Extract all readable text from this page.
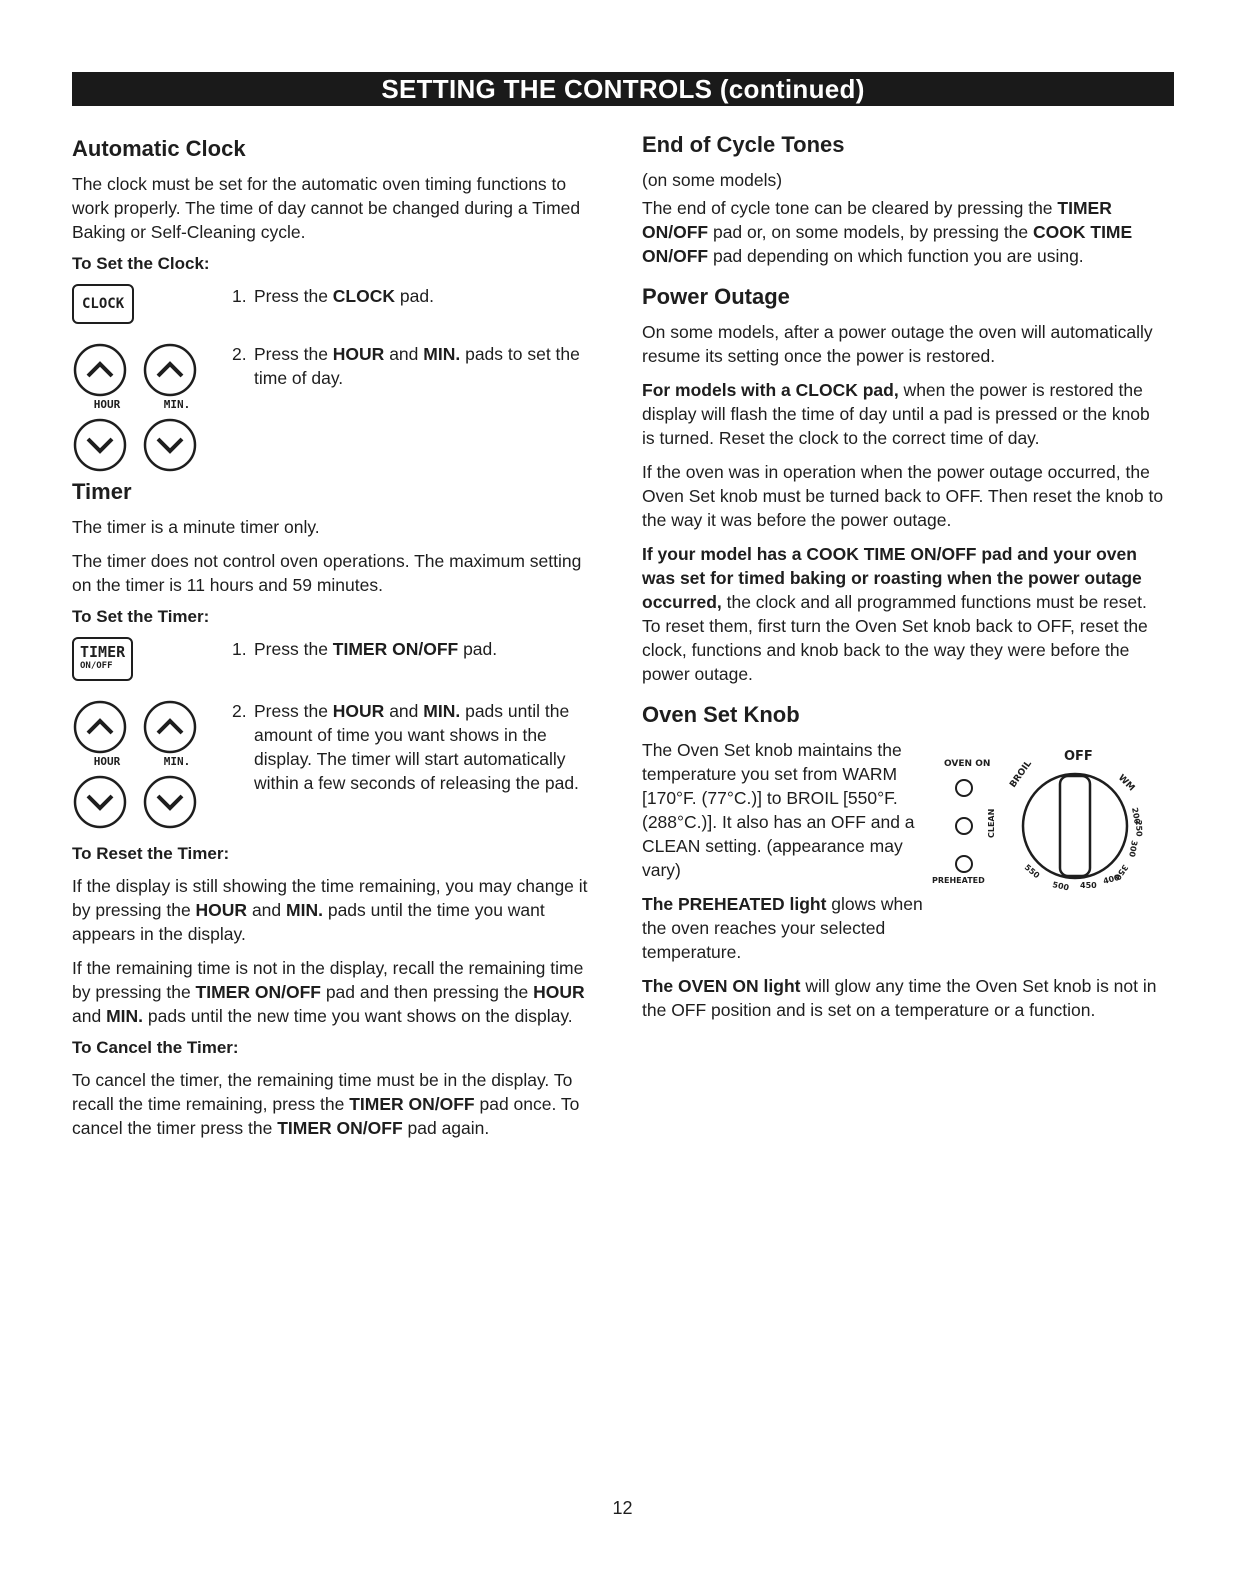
SETTING THE CONTROLS (continued)
Automatic Clock

The clock must be set for the automatic oven timing functions to work properly. The time of day cannot be changed during a Timed Baking or Self-Cleaning cycle.

To Set the Clock:
CLOCK	1. Press the CLOCK pad.
HOUR	MIN.
2. Press the HOUR and MIN. pads to set the time of day.
Timer

The timer is a minute timer only.

The timer does not control oven operations. The maximum setting on the timer is 11 hours and 59 minutes.

To Set the Timer:
TIMER
ON/OFF
1. Press the TIMER ON/OFF pad.
HOUR	MIN.
2. Press the HOUR and MIN. pads until the amount of time you want shows in the display. The timer will start automatically within a few seconds of releasing the pad.
To Reset the Timer:

If the display is still showing the time remaining, you may change it by pressing the HOUR and MIN. pads until the time you want appears in the display.

If the remaining time is not in the display, recall the remaining time by pressing the TIMER ON/OFF pad and then pressing the HOUR and MIN. pads until the new time you want shows on the display.

To Cancel the Timer:

To cancel the timer, the remaining time must be in the display. To recall the time remaining, press the TIMER ON/OFF pad once. To cancel the timer press the TIMER ON/OFF pad again.

End of Cycle Tones

(on some models)

The end of cycle tone can be cleared by pressing the TIMER ON/OFF pad or, on some models, by pressing the COOK TIME ON/OFF pad depending on which function you are using.

Power Outage

On some models, after a power outage the oven will automatically resume its setting once the power is restored.

For models with a CLOCK pad, when the power is restored the display will flash the time of day until a pad is pressed or the knob is turned. Reset the clock to the correct time of day.

If the oven was in operation when the power outage occurred, the Oven Set knob must be turned back to OFF. Then reset the knob to the way it was before the power outage.

If your model has a COOK TIME ON/OFF pad and your oven was set for timed baking or roasting when the power outage occurred, the clock and all programmed functions must be reset. To reset them, first turn the Oven Set knob back to OFF, reset the clock, functions and knob back to the way they were before the power outage.

Oven Set Knob

The Oven Set knob maintains the temperature you set from WARM [170°F. (77°C.)] to BROIL [550°F. (288°C.)]. It also has an OFF and a CLEAN setting. (appearance may vary)

The PREHEATED light glows when the oven reaches your selected temperature.

OVEN ON
PREHEATED
OFF
BROIL
CLEAN
WM
200
250
300
350
400
450
500
550

The OVEN ON light will glow any time the Oven Set knob is not in the OFF position and is set on a temperature or a function.

12
